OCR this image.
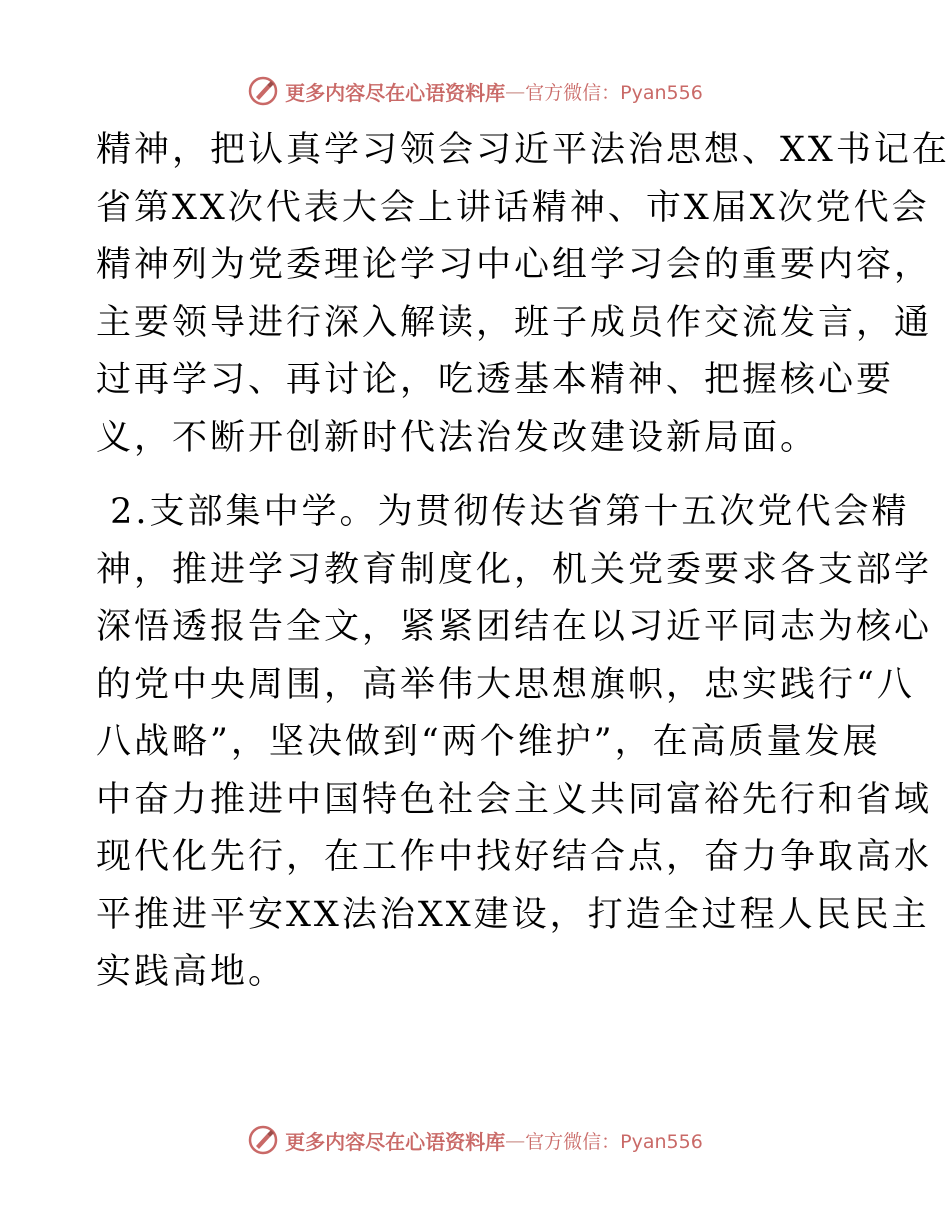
更多内容尽在心语资料库 — 官方微信：Pyan556

精神，把认真学习领会习近平法治思想、XX书记在
省第XX次代表大会上讲话精神、市X届X次党代会
精神列为党委理论学习中心组学习会的重要内容，
主要领导进行深入解读，班子成员作交流发言，通
过再学习、再讨论，吃透基本精神、把握核心要
义，不断开创新时代法治发改建设新局面。

2.支部集中学。为贯彻传达省第十五次党代会精
神，推进学习教育制度化，机关党委要求各支部学
深悟透报告全文，紧紧团结在以习近平同志为核心
的党中央周围，高举伟大思想旗帜，忠实践行“八
八战略”，坚决做到“两个维护”，在高质量发展
中奋力推进中国特色社会主义共同富裕先行和省域
现代化先行，在工作中找好结合点，奋力争取高水
平推进平安XX法治XX建设，打造全过程人民民主
实践高地。

更多内容尽在心语资料库 — 官方微信：Pyan556
